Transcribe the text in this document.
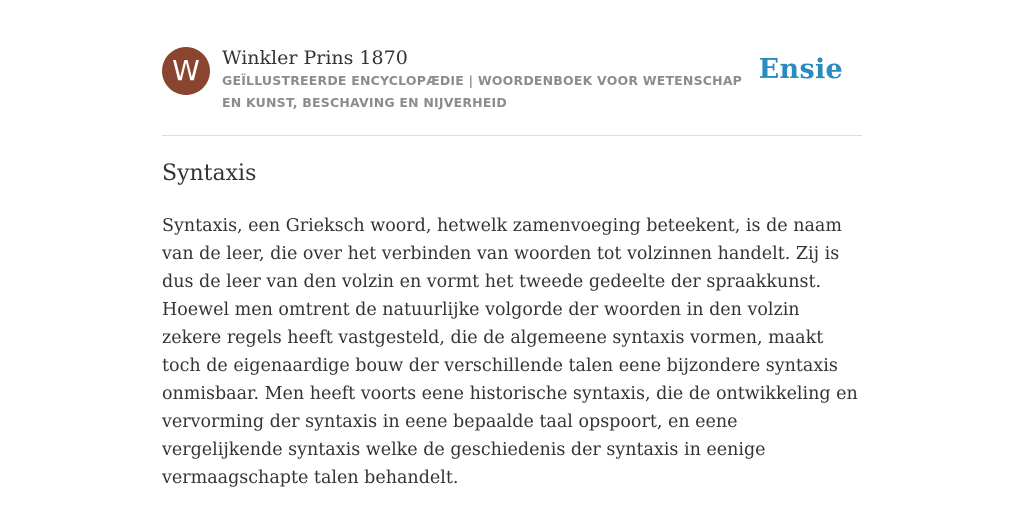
W	Winkler Prins 1870

GEÏLLUSTREERDE ENCYCLOPÆDIE | WOORDENBOEK VOOR WETENSCHAP EN KUNST, BESCHAVING EN NIJVERHEID

Ensie
Syntaxis

Syntaxis, een Grieksch woord, hetwelk zamenvoeging beteekent, is de naam van de leer, die over het verbinden van woorden tot volzinnen handelt. Zij is dus de leer van den volzin en vormt het tweede gedeelte der spraakkunst. Hoewel men omtrent de natuurlijke volgorde der woorden in den volzin zekere regels heeft vastgesteld, die de algemeene syntaxis vormen, maakt toch de eigenaardige bouw der verschillende talen eene bijzondere syntaxis onmisbaar. Men heeft voorts eene historische syntaxis, die de ontwikkeling en vervorming der syntaxis in eene bepaalde taal opspoort, en eene vergelijkende syntaxis welke de geschiedenis der syntaxis in eenige vermaagschapte talen behandelt.
